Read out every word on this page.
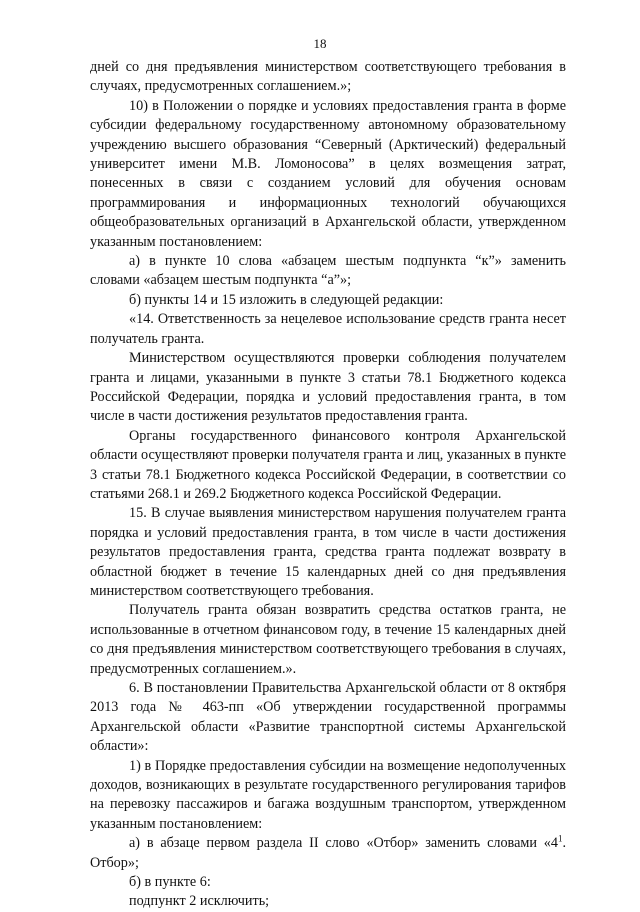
18

дней со дня предъявления министерством соответствующего требования в случаях, предусмотренных соглашением.»;

10) в Положении о порядке и условиях предоставления гранта в форме субсидии федеральному государственному автономному образовательному учреждению высшего образования “Северный (Арктический) федеральный университет имени М.В. Ломоносова” в целях возмещения затрат, понесенных в связи с созданием условий для обучения основам программирования и информационных технологий обучающихся общеобразовательных организаций в Архангельской области, утвержденном указанным постановлением:

а) в пункте 10 слова «абзацем шестым подпункта “к”» заменить словами «абзацем шестым подпункта “а”»;

б) пункты 14 и 15 изложить в следующей редакции:

«14. Ответственность за нецелевое использование средств гранта несет получатель гранта.

Министерством осуществляются проверки соблюдения получателем гранта и лицами, указанными в пункте 3 статьи 78.1 Бюджетного кодекса Российской Федерации, порядка и условий предоставления гранта, в том числе в части достижения результатов предоставления гранта.

Органы государственного финансового контроля Архангельской области осуществляют проверки получателя гранта и лиц, указанных в пункте 3 статьи 78.1 Бюджетного кодекса Российской Федерации, в соответствии со статьями 268.1 и 269.2 Бюджетного кодекса Российской Федерации.

15. В случае выявления министерством нарушения получателем гранта порядка и условий предоставления гранта, в том числе в части достижения результатов предоставления гранта, средства гранта подлежат возврату в областной бюджет в течение 15 календарных дней со дня предъявления министерством соответствующего требования.

Получатель гранта обязан возвратить средства остатков гранта, не использованные в отчетном финансовом году, в течение 15 календарных дней со дня предъявления министерством соответствующего требования в случаях, предусмотренных соглашением.».

6. В постановлении Правительства Архангельской области от 8 октября 2013 года № 463-пп «Об утверждении государственной программы Архангельской области «Развитие транспортной системы Архангельской области»:

1) в Порядке предоставления субсидии на возмещение недополученных доходов, возникающих в результате государственного регулирования тарифов на перевозку пассажиров и багажа воздушным транспортом, утвержденном указанным постановлением:

а) в абзаце первом раздела II слово «Отбор» заменить словами «$4^1$. Отбор»;

б) в пункте 6:

подпункт 2 исключить;
